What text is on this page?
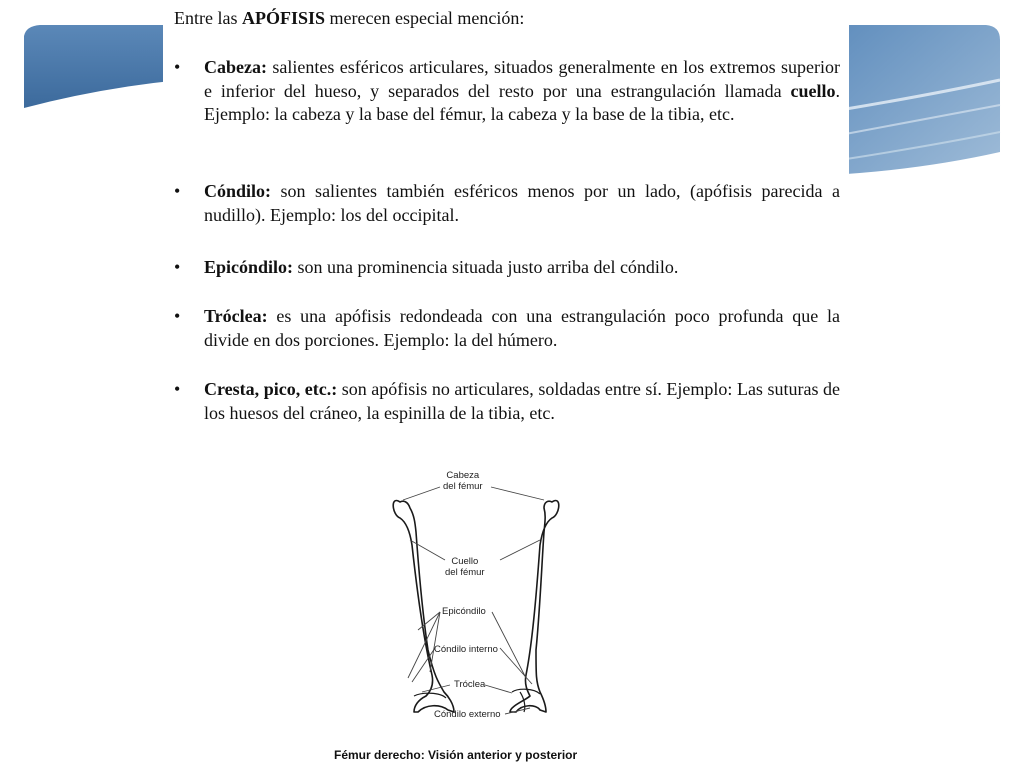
Entre las APÓFISIS merecen especial mención:
• Cabeza: salientes esféricos articulares, situados generalmente en los extremos superior e inferior del hueso, y separados del resto por una estrangulación llamada cuello. Ejemplo: la cabeza y la base del fémur, la cabeza y la base de la tibia, etc.
• Cóndilo: son salientes también esféricos menos por un lado, (apófisis parecida a nudillo). Ejemplo: los del occipital.
• Epicóndilo: son una prominencia situada justo arriba del cóndilo.
• Tróclea: es una apófisis redondeada con una estrangulación poco profunda que la divide en dos porciones. Ejemplo: la del húmero.
• Cresta, pico, etc.: son apófisis no articulares, soldadas entre sí. Ejemplo: Las suturas de los huesos del cráneo, la espinilla de la tibia, etc.
Cabeza
del fémur
Cuello
del fémur
Epicóndilo
Cóndilo interno
Tróclea
Cóndilo externo
Fémur derecho: Visión anterior y posterior
